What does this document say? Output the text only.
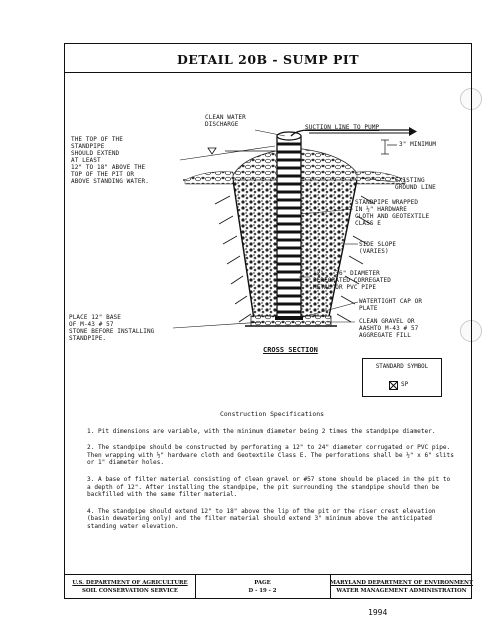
DETAIL 20B - SUMP PIT
THE TOP OF THE
STANDPIPE
SHOULD EXTEND
AT LEAST
12" TO 18" ABOVE THE
TOP OF THE PIT OR
ABOVE STANDING WATER.
CLEAN WATER
DISCHARGE	SUCTION LINE TO PUMP
3" MINIMUM
EXISTING
GROUND LINE
STANDPIPE WRAPPED
IN ½" HARDWARE
CLOTH AND GEOTEXTILE
CLASS E
SIDE SLOPE
(VARIES)
12" - 36" DIAMETER
PERFORATED CORREGATED
METAL OR PVC PIPE
WATERTIGHT CAP OR
PLATE
CLEAN GRAVEL OR
AASHTO M-43 # 57
AGGREGATE FILL
PLACE 12" BASE
OF M-43 # 57
STONE BEFORE INSTALLING
STANDPIPE.
CROSS SECTION
STANDARD SYMBOL
SP
Construction Specifications

1. Pit dimensions are variable, with the minimum diameter being 2 times the standpipe diameter.

2. The standpipe should be constructed by perforating a 12" to 24" diameter corrugated or PVC pipe. Then wrapping with ½" hardware cloth and Geotextile Class E. The perforations shall be ½" x 6" slits or 1" diameter holes.

3. A base of filter material consisting of clean gravel or #57 stone should be placed in the pit to a depth of 12". After installing the standpipe, the pit surrounding the standpipe should then be backfilled with the same filter material.

4. The standpipe should extend 12" to 18" above the lip of the pit or the riser crest elevation (basin dewatering only) and the filter material should extend 3" minimum above the anticipated standing water elevation.

U.S. DEPARTMENT OF AGRICULTURE
SOIL CONSERVATION SERVICE
PAGE
D - 19 - 2
MARYLAND DEPARTMENT OF ENVIRONMENT
WATER MANAGEMENT ADMINISTRATION
1994
